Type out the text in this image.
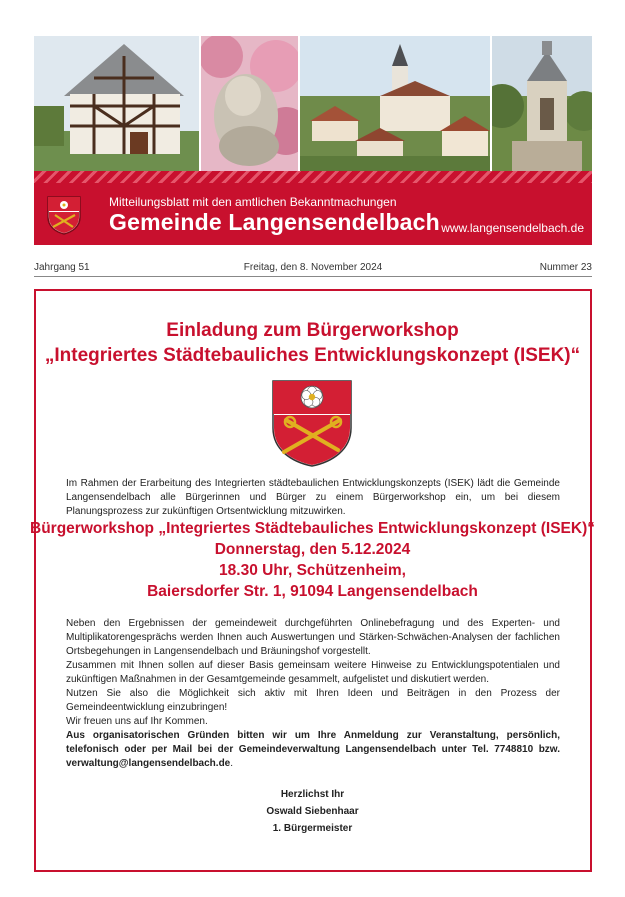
Mitteilungsblatt mit den amtlichen Bekanntmachungen
Gemeinde Langensendelbach www.langensendelbach.de
Jahrgang 51	Freitag, den 8. November 2024	Nummer 23
Einladung zum Bürgerworkshop
„Integriertes Städtebauliches Entwicklungskonzept (ISEK)“
Im Rahmen der Erarbeitung des Integrierten städtebaulichen Entwicklungskonzepts (ISEK) lädt die Gemeinde Langensendelbach alle Bürgerinnen und Bürger zu einem Bürgerworkshop ein, um bei diesem Planungsprozess zur zukünftigen Ortsentwicklung mitzuwirken.
Bürgerworkshop „Integriertes Städtebauliches Entwicklungskonzept (ISEK)“
Donnerstag, den 5.12.2024
18.30 Uhr, Schützenheim,
Baiersdorfer Str. 1, 91094 Langensendelbach

Neben den Ergebnissen der gemeindeweit durchgeführten Onlinebefragung und des Experten- und Multiplikatorengesprächs werden Ihnen auch Auswertungen und Stärken-Schwächen-Analysen der fachlichen Ortsbegehungen in Langensendelbach und Bräuningshof vorgestellt.

Zusammen mit Ihnen sollen auf dieser Basis gemeinsam weitere Hinweise zu Entwicklungspotentialen und zukünftigen Maßnahmen in der Gesamtgemeinde gesammelt, aufgelistet und diskutiert werden.

Nutzen Sie also die Möglichkeit sich aktiv mit Ihren Ideen und Beiträgen in den Prozess der Gemeindeentwicklung einzubringen!

Wir freuen uns auf Ihr Kommen.

Aus organisatorischen Gründen bitten wir um Ihre Anmeldung zur Veranstaltung, persönlich, telefonisch oder per Mail bei der Gemeindeverwaltung Langensendelbach unter Tel. 7748810 bzw. verwaltung@langensendelbach.de.

Herzlichst Ihr
Oswald Siebenhaar
1. Bürgermeister
